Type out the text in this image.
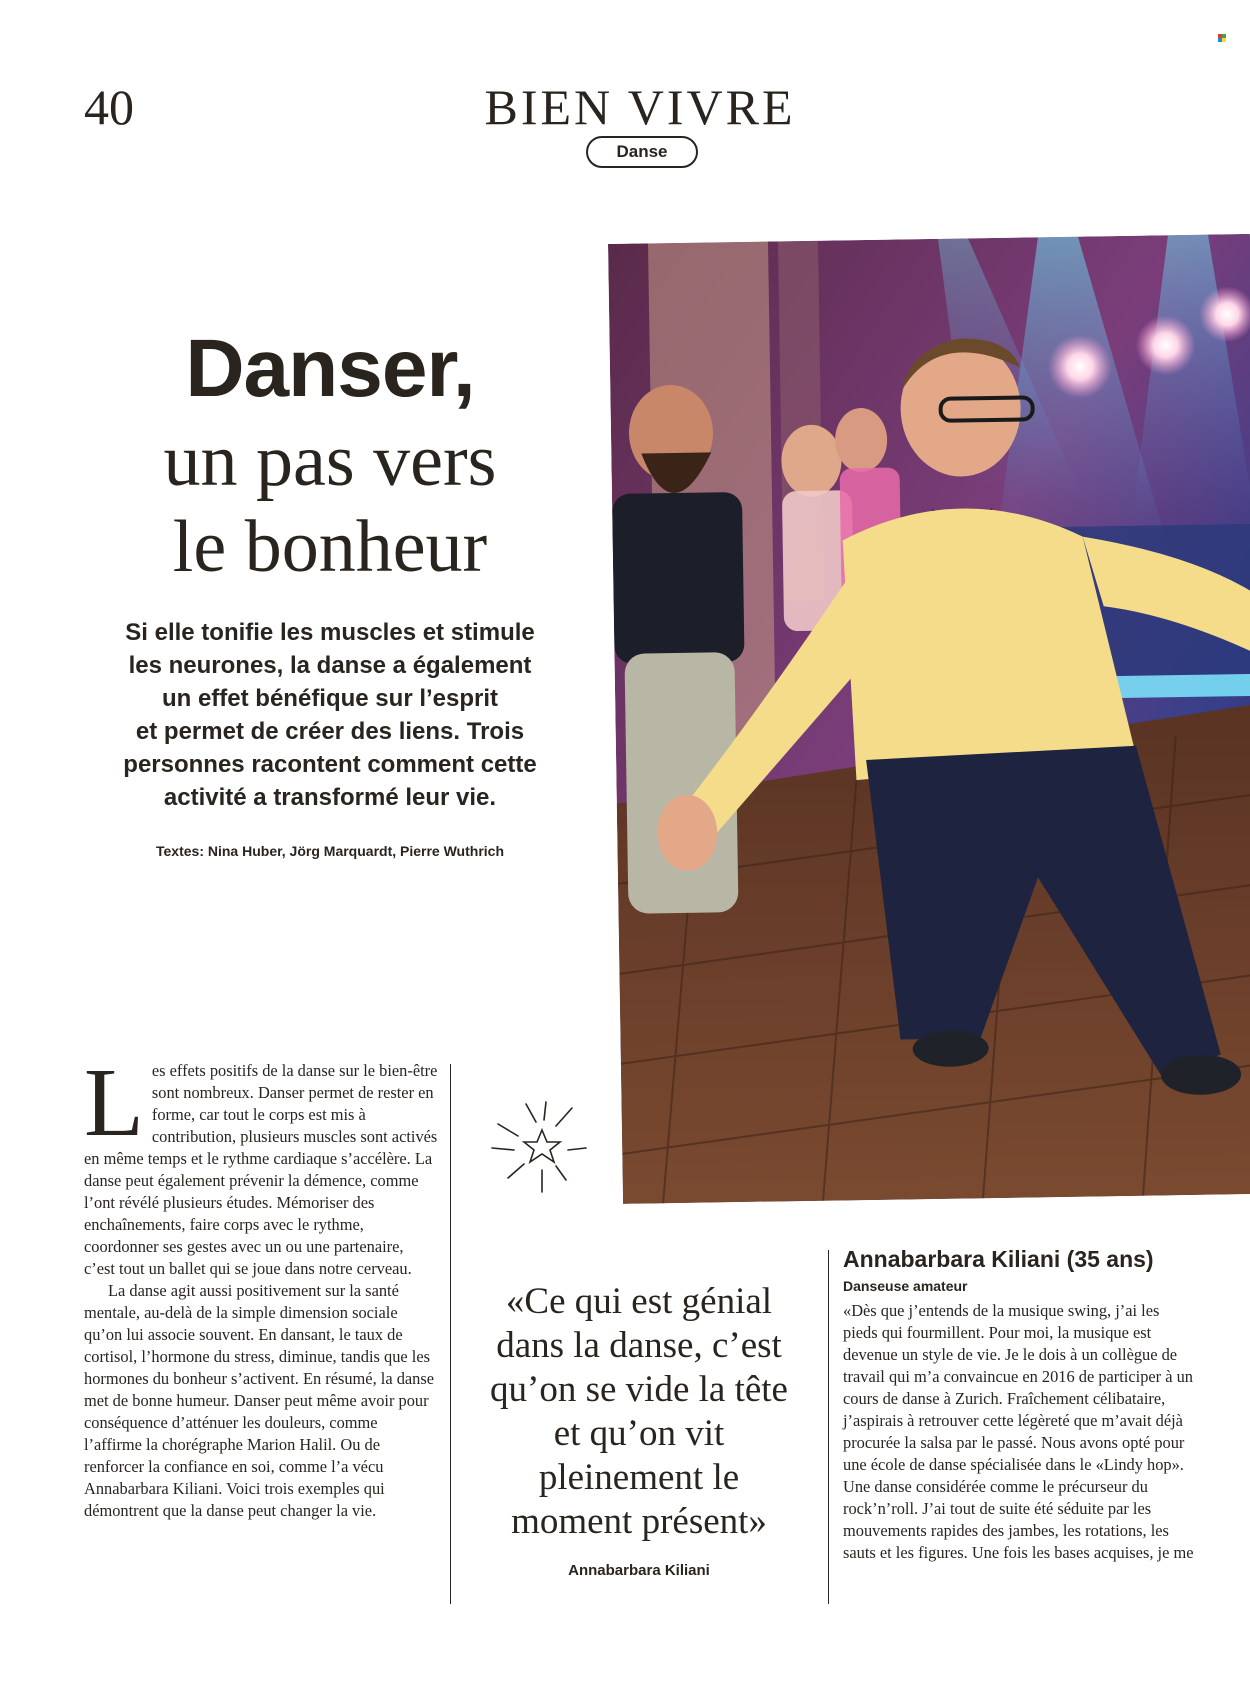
40	BIEN VIVRE
Danse
Danser,
un pas vers
le bonheur
Si elle tonifie les muscles et stimule
les neurones, la danse a également
un effet bénéfique sur l’esprit
et permet de créer des liens. Trois
personnes racontent comment cette
activité a transformé leur vie.
Textes: Nina Huber, Jörg Marquardt, Pierre Wuthrich
L es effets positifs de la danse sur le bien-être sont nombreux. Danser permet de rester en forme, car tout le corps est mis à contribution, plusieurs muscles sont activés en même temps et le rythme cardiaque s’accélère. La danse peut également prévenir la démence, comme l’ont révélé plusieurs études. Mémoriser des enchaînements, faire corps avec le rythme, coordonner ses gestes avec un ou une partenaire, c’est tout un ballet qui se joue dans notre cerveau.

La danse agit aussi positivement sur la santé mentale, au-delà de la simple dimension sociale qu’on lui associe souvent. En dansant, le taux de cortisol, l’hormone du stress, diminue, tandis que les hormones du bonheur s’activent. En résumé, la danse met de bonne humeur. Danser peut même avoir pour conséquence d’atténuer les douleurs, comme l’affirme la chorégraphe Marion Halil. Ou de renforcer la confiance en soi, comme l’a vécu Annabarbara Kiliani. Voici trois exemples qui démontrent que la danse peut changer la vie.

«Ce qui est génial dans la danse, c’est qu’on se vide la tête et qu’on vit pleinement le moment présent»
Annabarbara Kiliani
Annabarbara Kiliani (35 ans)
Danseuse amateur

«Dès que j’entends de la musique swing, j’ai les pieds qui fourmillent. Pour moi, la musique est devenue un style de vie. Je le dois à un collègue de travail qui m’a convaincue en 2016 de participer à un cours de danse à Zurich. Fraîchement célibataire, j’aspirais à retrouver cette légèreté que m’avait déjà procurée la salsa par le passé. Nous avons opté pour une école de danse spécialisée dans le «Lindy hop». Une danse considérée comme le précurseur du rock’n’roll. J’ai tout de suite été séduite par les mouvements rapides des jambes, les rotations, les sauts et les figures. Une fois les bases acquises, je me
